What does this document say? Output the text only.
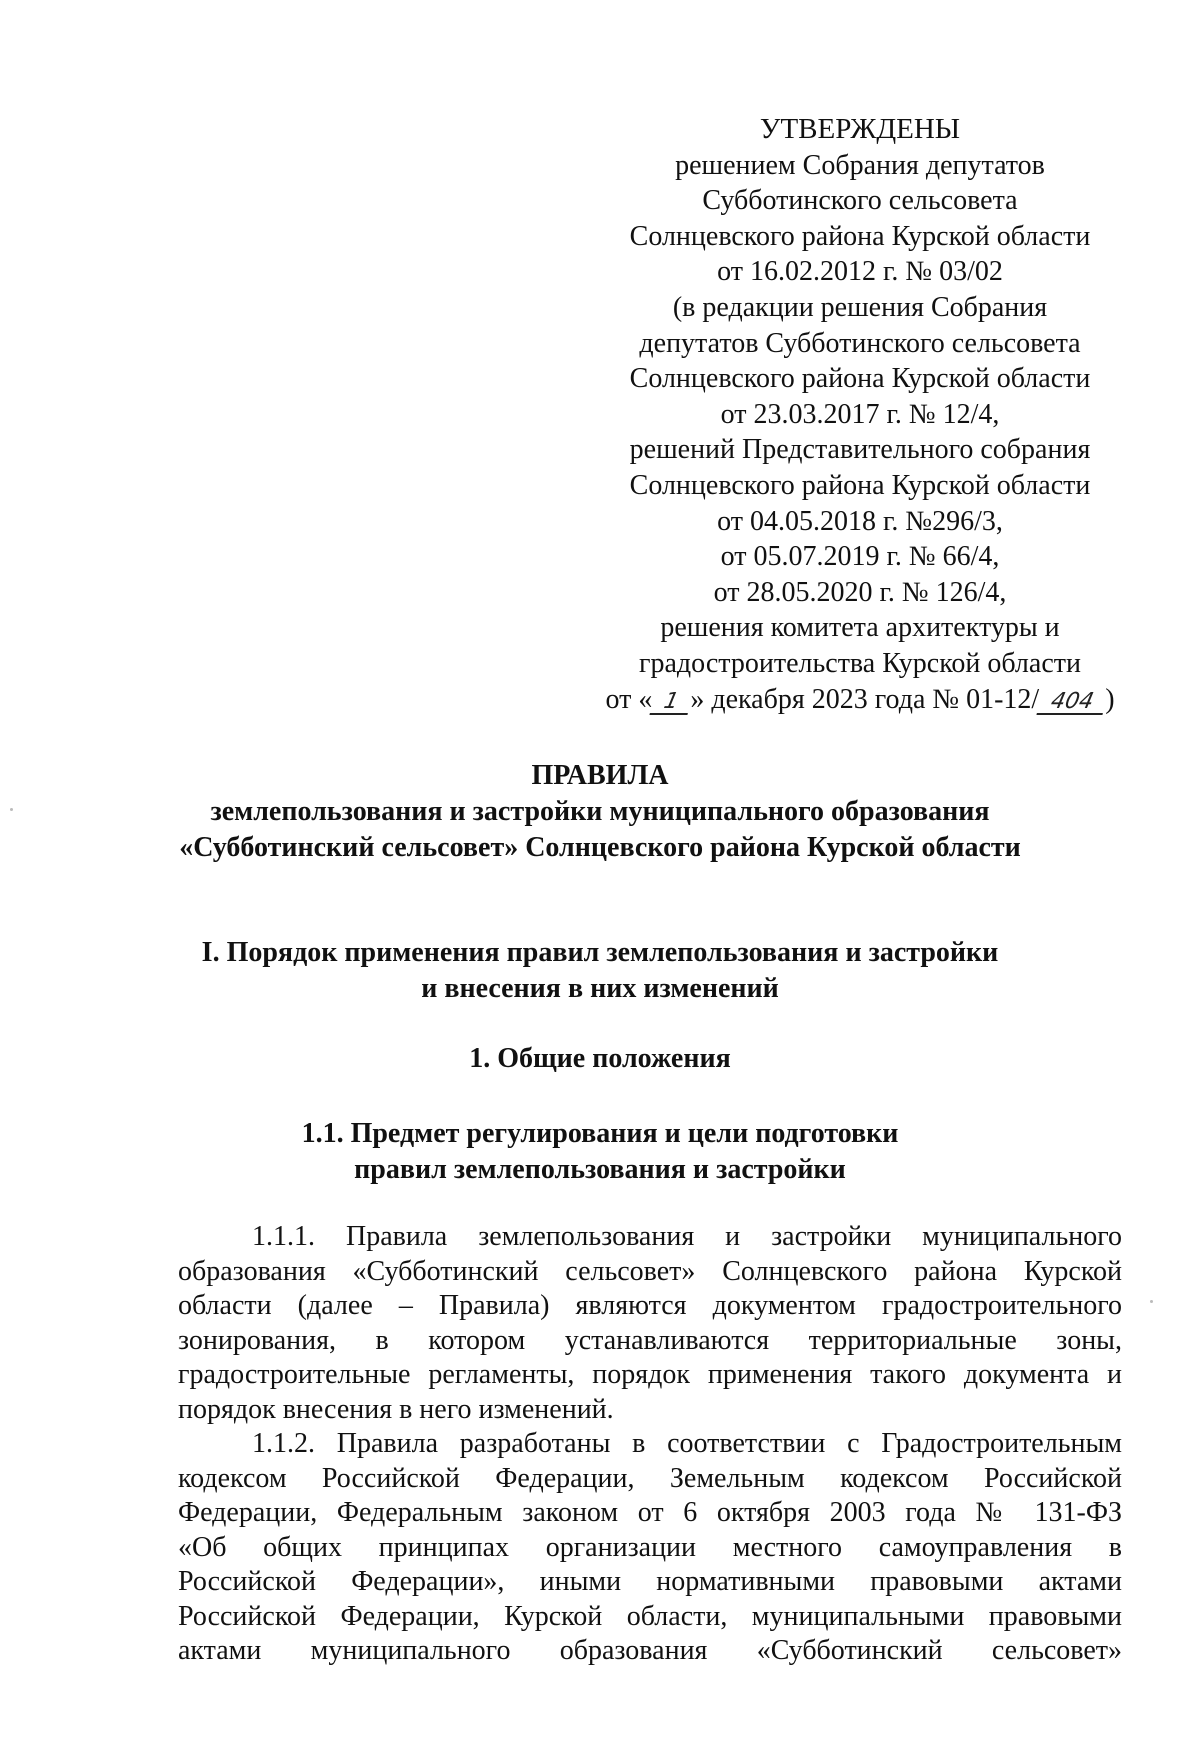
УТВЕРЖДЕНЫ
решением Собрания депутатов
Субботинского сельсовета
Солнцевского района Курской области
от 16.02.2012 г. № 03/02
(в редакции решения Собрания
депутатов Субботинского сельсовета
Солнцевского района Курской области
от 23.03.2017 г. № 12/4,
решений Представительного собрания
Солнцевского района Курской области
от 04.05.2018 г. №296/3,
от 05.07.2019 г. № 66/4,
от 28.05.2020 г. № 126/4,
решения комитета архитектуры и
градостроительства Курской области
от « 1 » декабря 2023 года № 01-12/ 404 )
ПРАВИЛА
землепользования и застройки муниципального образования
«Субботинский сельсовет» Солнцевского района Курской области
I. Порядок применения правил землепользования и застройки
и внесения в них изменений
1. Общие положения
1.1. Предмет регулирования и цели подготовки
правил землепользования и застройки
1.1.1. Правила землепользования и застройки муниципального
образования «Субботинский сельсовет» Солнцевского района Курской
области (далее – Правила) являются документом градостроительного
зонирования, в котором устанавливаются территориальные зоны,
градостроительные регламенты, порядок применения такого документа и
порядок внесения в него изменений.
1.1.2. Правила разработаны в соответствии с Градостроительным
кодексом Российской Федерации, Земельным кодексом Российской
Федерации, Федеральным законом от 6 октября 2003 года № 131-ФЗ
«Об общих принципах организации местного самоуправления в
Российской Федерации», иными нормативными правовыми актами
Российской Федерации, Курской области, муниципальными правовыми
актами муниципального образования «Субботинский сельсовет»
